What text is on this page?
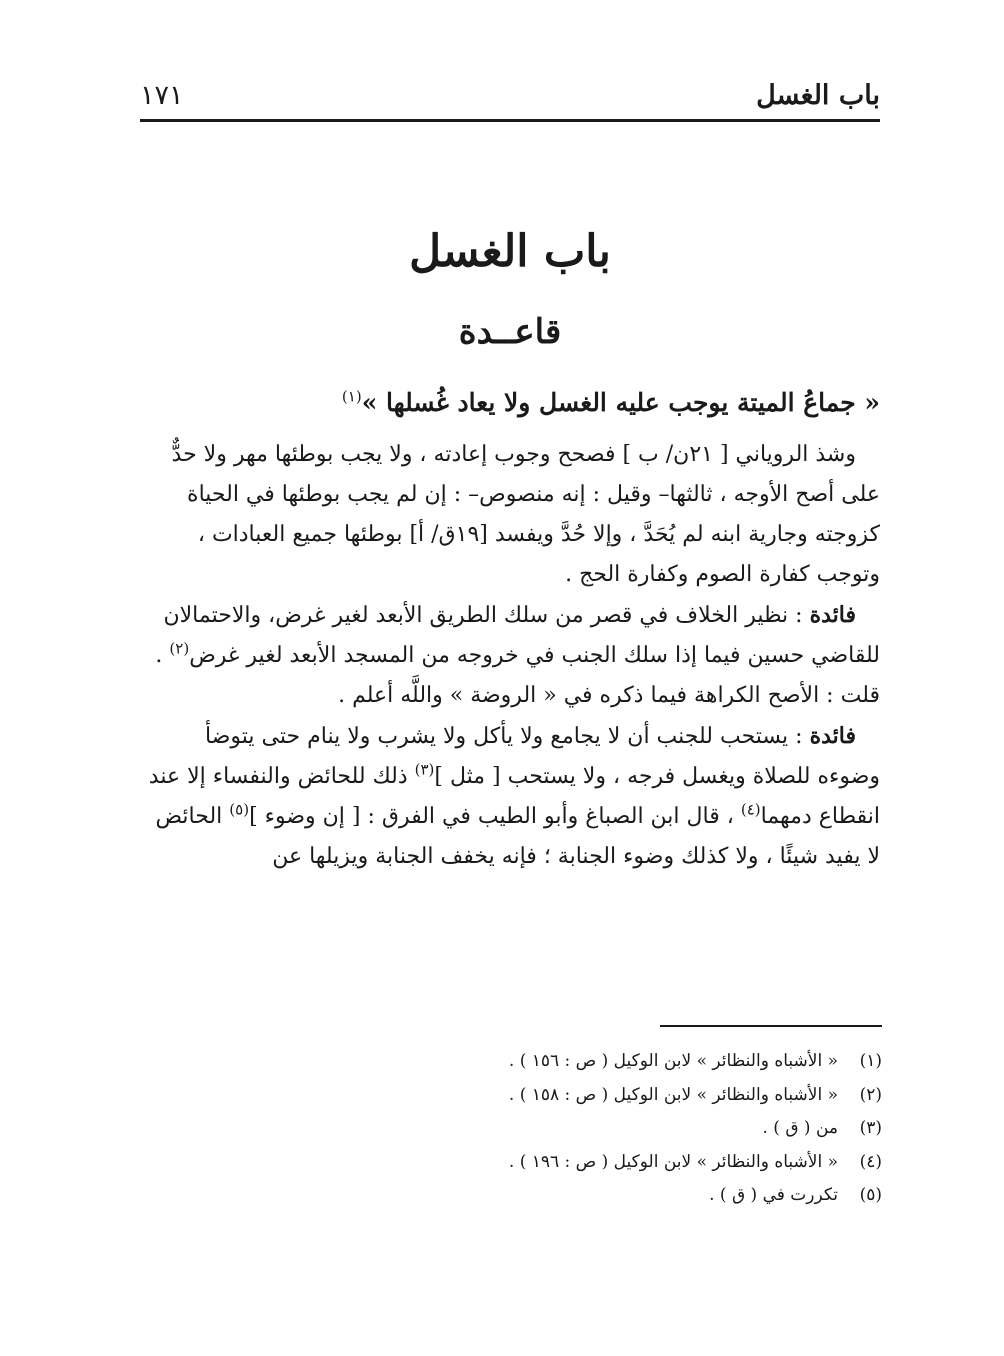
باب الغسل
١٧١
باب الغسل
قاعــدة
« جماعُ الميتة يوجب عليه الغسل ولا يعاد غُسلها »$^{(١)}$

وشذ الروياني [ ٢١ن/ ب ] فصحح وجوب إعادته ، ولا يجب بوطئها مهر ولا حدٌّ على أصح الأوجه ، ثالثها– وقيل : إنه منصوص– : إن لم يجب بوطئها في الحياة كزوجته وجارية ابنه لم يُحَدَّ ، وإلا حُدَّ ويفسد [١٩ق/ أ] بوطئها جميع العبادات ، وتوجب كفارة الصوم وكفارة الحج .

فائدة : نظير الخلاف في قصر من سلك الطريق الأبعد لغير غرض، والاحتمالان للقاضي حسين فيما إذا سلك الجنب في خروجه من المسجد الأبعد لغير غرض$^{(٢)}$ . قلت : الأصح الكراهة فيما ذكره في « الروضة » واللَّه أعلم .

فائدة : يستحب للجنب أن لا يجامع ولا يأكل ولا يشرب ولا ينام حتى يتوضأ وضوءه للصلاة ويغسل فرجه ، ولا يستحب [ مثل ]$^{(٣)}$ ذلك للحائض والنفساء إلا عند انقطاع دمهما$^{(٤)}$ ، قال ابن الصباغ وأبو الطيب في الفرق : [ إن وضوء ]$^{(٥)}$ الحائض لا يفيد شيئًا ، ولا كذلك وضوء الجنابة ؛ فإنه يخفف الجنابة ويزيلها عن

(١)
« الأشباه والنظائر » لابن الوكيل ( ص : ١٥٦ ) .
(٢)
« الأشباه والنظائر » لابن الوكيل ( ص : ١٥٨ ) .
(٣)
من ( ق ) .
(٤)
« الأشباه والنظائر » لابن الوكيل ( ص : ١٩٦ ) .
(٥)
تكررت في ( ق ) .
